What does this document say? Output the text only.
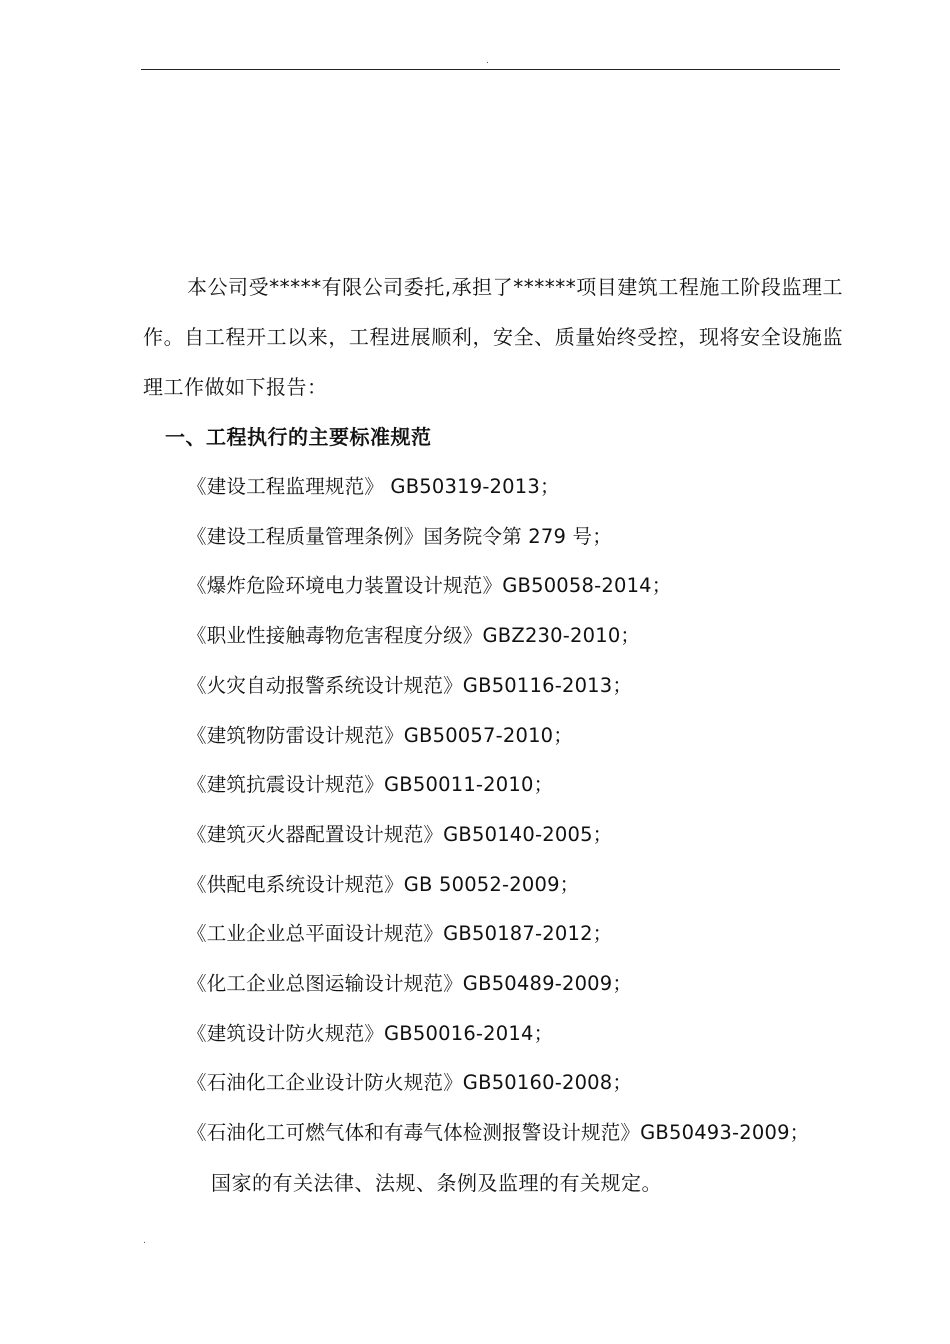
.

本公司受*****有限公司委托,承担了******项目建筑工程施工阶段监理工作。自工程开工以来，工程进展顺利，安全、质量始终受控，现将安全设施监理工作做如下报告：

一、工程执行的主要标准规范
《建设工程监理规范》 GB50319-2013；
《建设工程质量管理条例》国务院令第 279 号；
《爆炸危险环境电力装置设计规范》GB50058-2014；
《职业性接触毒物危害程度分级》GBZ230-2010；
《火灾自动报警系统设计规范》GB50116-2013；
《建筑物防雷设计规范》GB50057-2010；
《建筑抗震设计规范》GB50011-2010；
《建筑灭火器配置设计规范》GB50140-2005；
《供配电系统设计规范》GB 50052-2009；
《工业企业总平面设计规范》GB50187-2012；
《化工企业总图运输设计规范》GB50489-2009；
《建筑设计防火规范》GB50016-2014；
《石油化工企业设计防火规范》GB50160-2008；
《石油化工可燃气体和有毒气体检测报警设计规范》GB50493-2009；

国家的有关法律、法规、条例及监理的有关规定。

.
